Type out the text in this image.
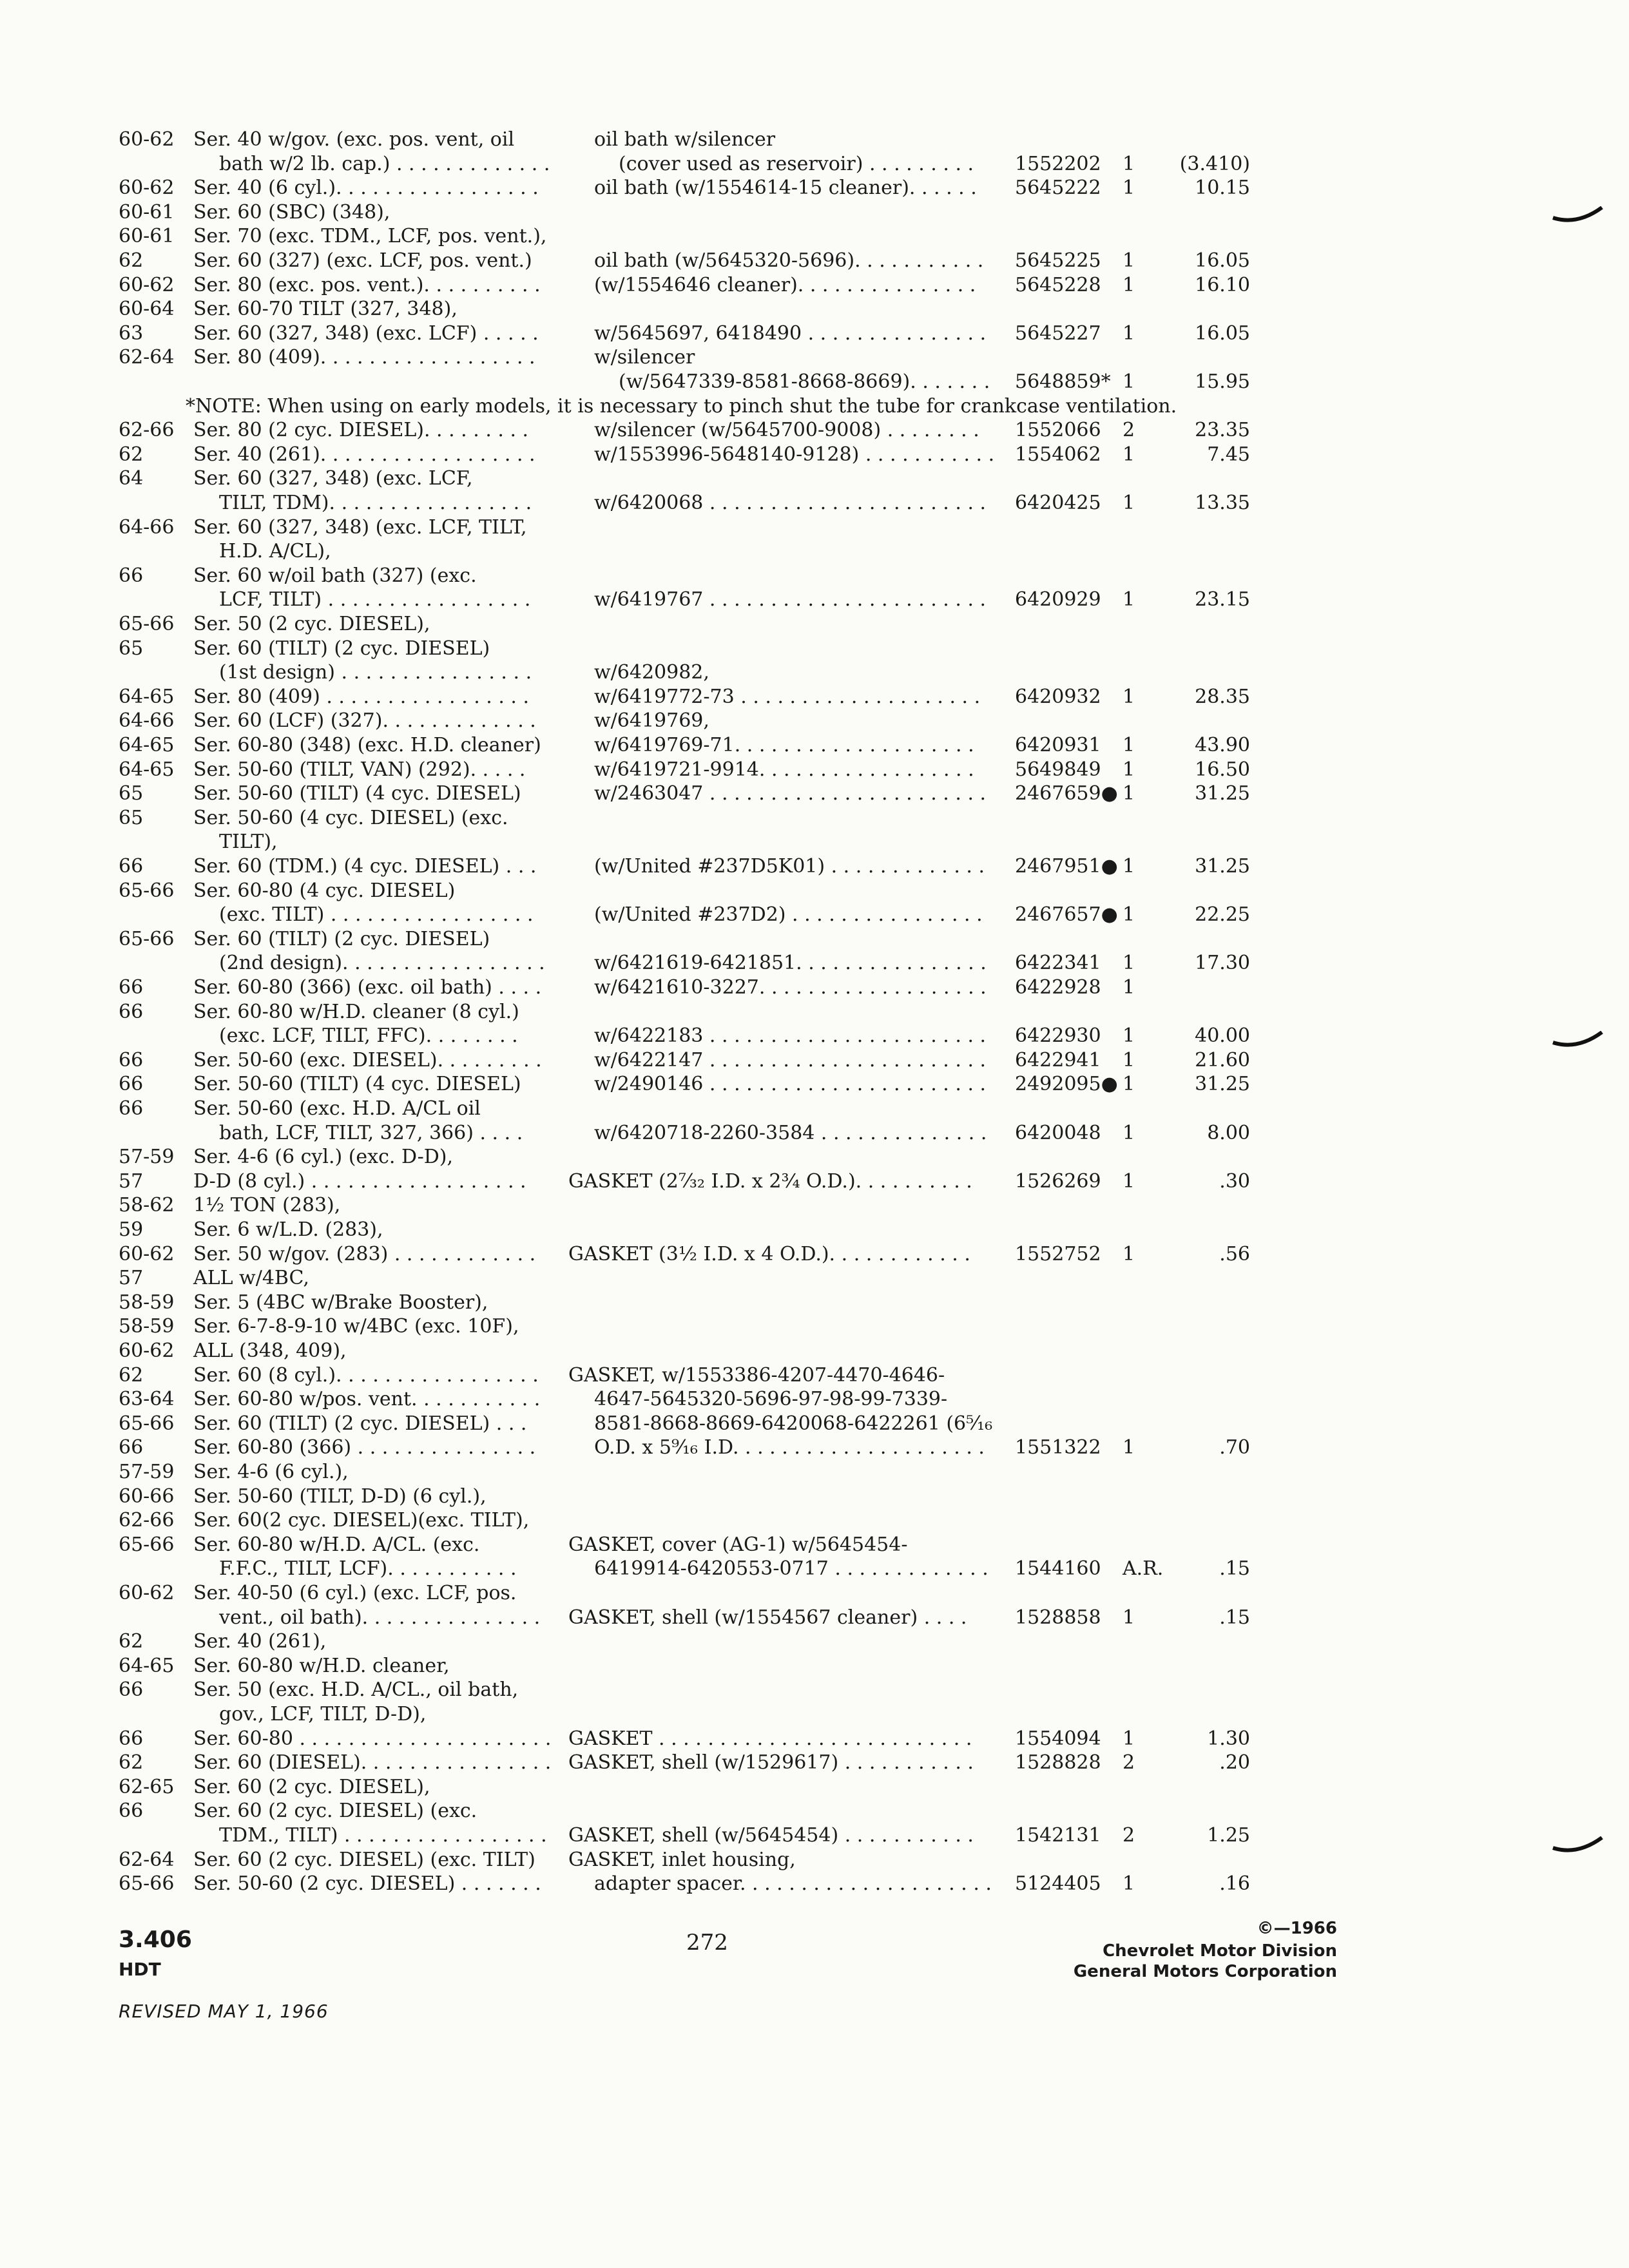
60-62 Ser. 40 w/gov. (exc. pos. vent, oil	oil bath w/silencer
bath w/2 lb. cap.) . . . . . . . . . . . . .	(cover used as reservoir) . . . . . . . . . 1552202 1	(3.410)
60-62 Ser. 40 (6 cyl.). . . . . . . . . . . . . . . . .	oil bath (w/1554614-15 cleaner). . . . . . 5645222 1	10.15
60-61 Ser. 60 (SBC) (348),
60-61 Ser. 70 (exc. TDM., LCF, pos. vent.),
62	Ser. 60 (327) (exc. LCF, pos. vent.)	oil bath (w/5645320-5696). . . . . . . . . . . 5645225 1	16.05
60-62 Ser. 80 (exc. pos. vent.). . . . . . . . . .	(w/1554646 cleaner). . . . . . . . . . . . . . . 5645228 1	16.10
60-64 Ser. 60-70 TILT (327, 348),
63	Ser. 60 (327, 348) (exc. LCF) . . . . .	w/5645697, 6418490 . . . . . . . . . . . . . . . 5645227 1	16.05
62-64 Ser. 80 (409). . . . . . . . . . . . . . . . . .	w/silencer
(w/5647339-8581-8668-8669). . . . . . . 5648859* 1	15.95
*NOTE: When using on early models, it is necessary to pinch shut the tube for crankcase ventilation.
62-66 Ser. 80 (2 cyc. DIESEL). . . . . . . . .	w/silencer (w/5645700-9008) . . . . . . . . 1552066 2	23.35
62	Ser. 40 (261). . . . . . . . . . . . . . . . . .	w/1553996-5648140-9128) . . . . . . . . . . . 1554062 1	7.45
64	Ser. 60 (327, 348) (exc. LCF,
TILT, TDM). . . . . . . . . . . . . . . . .	w/6420068 . . . . . . . . . . . . . . . . . . . . . . . 6420425 1	13.35
64-66 Ser. 60 (327, 348) (exc. LCF, TILT,
H.D. A/CL),
66	Ser. 60 w/oil bath (327) (exc.
LCF, TILT) . . . . . . . . . . . . . . . . .	w/6419767 . . . . . . . . . . . . . . . . . . . . . . . 6420929 1	23.15
65-66 Ser. 50 (2 cyc. DIESEL),
65	Ser. 60 (TILT) (2 cyc. DIESEL)
(1st design) . . . . . . . . . . . . . . . .	w/6420982,
64-65 Ser. 80 (409) . . . . . . . . . . . . . . . . .	w/6419772-73 . . . . . . . . . . . . . . . . . . . . 6420932 1	28.35
64-66 Ser. 60 (LCF) (327). . . . . . . . . . . . .	w/6419769,
64-65 Ser. 60-80 (348) (exc. H.D. cleaner)	w/6419769-71. . . . . . . . . . . . . . . . . . . . 6420931 1	43.90
64-65 Ser. 50-60 (TILT, VAN) (292). . . . .	w/6419721-9914. . . . . . . . . . . . . . . . . . 5649849 1	16.50
65	Ser. 50-60 (TILT) (4 cyc. DIESEL)	w/2463047 . . . . . . . . . . . . . . . . . . . . . . . 2467659● 1	31.25
65	Ser. 50-60 (4 cyc. DIESEL) (exc.
TILT),
66	Ser. 60 (TDM.) (4 cyc. DIESEL) . . .	(w/United #237D5K01) . . . . . . . . . . . . . 2467951● 1	31.25
65-66 Ser. 60-80 (4 cyc. DIESEL)
(exc. TILT) . . . . . . . . . . . . . . . . .	(w/United #237D2) . . . . . . . . . . . . . . . . 2467657● 1	22.25
65-66 Ser. 60 (TILT) (2 cyc. DIESEL)
(2nd design). . . . . . . . . . . . . . . . .	w/6421619-6421851. . . . . . . . . . . . . . . . 6422341 1	17.30
66	Ser. 60-80 (366) (exc. oil bath) . . . .	w/6421610-3227. . . . . . . . . . . . . . . . . . . 6422928 1
66	Ser. 60-80 w/H.D. cleaner (8 cyl.)
(exc. LCF, TILT, FFC). . . . . . . .	w/6422183 . . . . . . . . . . . . . . . . . . . . . . . 6422930 1	40.00
66	Ser. 50-60 (exc. DIESEL). . . . . . . . .	w/6422147 . . . . . . . . . . . . . . . . . . . . . . . 6422941 1	21.60
66	Ser. 50-60 (TILT) (4 cyc. DIESEL)	w/2490146 . . . . . . . . . . . . . . . . . . . . . . . 2492095● 1	31.25
66	Ser. 50-60 (exc. H.D. A/CL oil
bath, LCF, TILT, 327, 366) . . . .	w/6420718-2260-3584 . . . . . . . . . . . . . . 6420048 1	8.00
57-59 Ser. 4-6 (6 cyl.) (exc. D-D),
57	D-D (8 cyl.) . . . . . . . . . . . . . . . . . . GASKET (2⁷⁄₃₂ I.D. x 2¾ O.D.). . . . . . . . . . 1526269 1	.30
58-62 1½ TON (283),
59	Ser. 6 w/L.D. (283),
60-62 Ser. 50 w/gov. (283) . . . . . . . . . . . . GASKET (3½ I.D. x 4 O.D.). . . . . . . . . . . . 1552752 1	.56
57	ALL w/4BC,
58-59 Ser. 5 (4BC w/Brake Booster),
58-59 Ser. 6-7-8-9-10 w/4BC (exc. 10F),
60-62 ALL (348, 409),
62	Ser. 60 (8 cyl.). . . . . . . . . . . . . . . . . GASKET, w/1553386-4207-4470-4646-
63-64 Ser. 60-80 w/pos. vent. . . . . . . . . . .	4647-5645320-5696-97-98-99-7339-
65-66 Ser. 60 (TILT) (2 cyc. DIESEL) . . .	8581-8668-8669-6420068-6422261 (6⁵⁄₁₆
66	Ser. 60-80 (366) . . . . . . . . . . . . . . .	O.D. x 5⁹⁄₁₆ I.D. . . . . . . . . . . . . . . . . . . . . 1551322 1	.70
57-59 Ser. 4-6 (6 cyl.),
60-66 Ser. 50-60 (TILT, D-D) (6 cyl.),
62-66 Ser. 60(2 cyc. DIESEL)(exc. TILT),
65-66 Ser. 60-80 w/H.D. A/CL. (exc.	GASKET, cover (AG-1) w/5645454-
F.F.C., TILT, LCF). . . . . . . . . . .	6419914-6420553-0717 . . . . . . . . . . . . . 1544160 A.R.	.15
60-62 Ser. 40-50 (6 cyl.) (exc. LCF, pos.
vent., oil bath). . . . . . . . . . . . . . . GASKET, shell (w/1554567 cleaner) . . . . 1528858 1	.15
62	Ser. 40 (261),
64-65 Ser. 60-80 w/H.D. cleaner,
66	Ser. 50 (exc. H.D. A/CL., oil bath,
gov., LCF, TILT, D-D),
66	Ser. 60-80 . . . . . . . . . . . . . . . . . . . . . GASKET . . . . . . . . . . . . . . . . . . . . . . . . . . 1554094 1	1.30
62	Ser. 60 (DIESEL). . . . . . . . . . . . . . . . GASKET, shell (w/1529617) . . . . . . . . . . . 1528828 2	.20
62-65 Ser. 60 (2 cyc. DIESEL),
66	Ser. 60 (2 cyc. DIESEL) (exc.
TDM., TILT) . . . . . . . . . . . . . . . . . GASKET, shell (w/5645454) . . . . . . . . . . . 1542131 2	1.25
62-64 Ser. 60 (2 cyc. DIESEL) (exc. TILT) GASKET, inlet housing,
65-66 Ser. 50-60 (2 cyc. DIESEL) . . . . . . .	adapter spacer. . . . . . . . . . . . . . . . . . . . . 5124405 1	.16
3.406
HDT
REVISED MAY 1, 1966
272
©—1966
Chevrolet Motor Division
General Motors Corporation
